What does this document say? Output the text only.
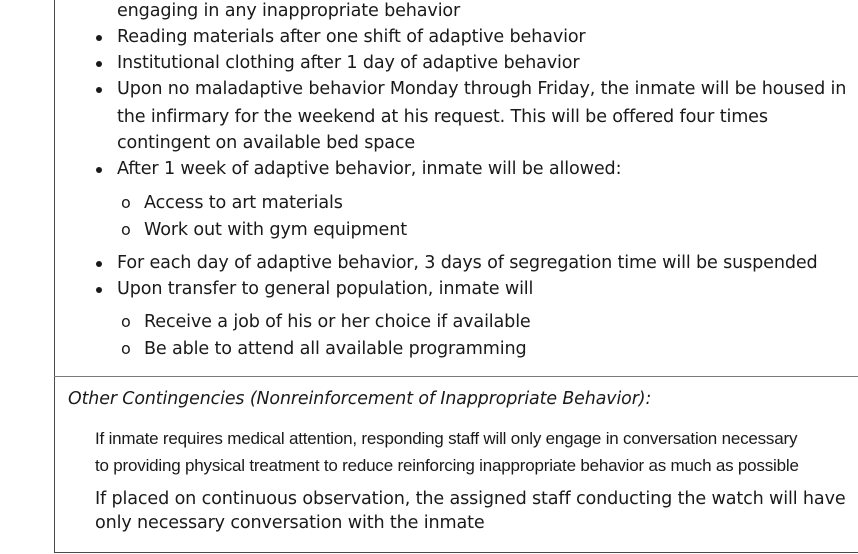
engaging in any inappropriate behavior
Reading materials after one shift of adaptive behavior
Institutional clothing after 1 day of adaptive behavior
Upon no maladaptive behavior Monday through Friday, the inmate will be housed in
the infirmary for the weekend at his request. This will be offered four times
contingent on available bed space
After 1 week of adaptive behavior, inmate will be allowed:
o Access to art materials
o Work out with gym equipment
For each day of adaptive behavior, 3 days of segregation time will be suspended
Upon transfer to general population, inmate will
o Receive a job of his or her choice if available
o Be able to attend all available programming
Other Contingencies (Nonreinforcement of Inappropriate Behavior):
If inmate requires medical attention, responding staff will only engage in conversation necessary
to providing physical treatment to reduce reinforcing inappropriate behavior as much as possible
If placed on continuous observation, the assigned staff conducting the watch will have
only necessary conversation with the inmate
